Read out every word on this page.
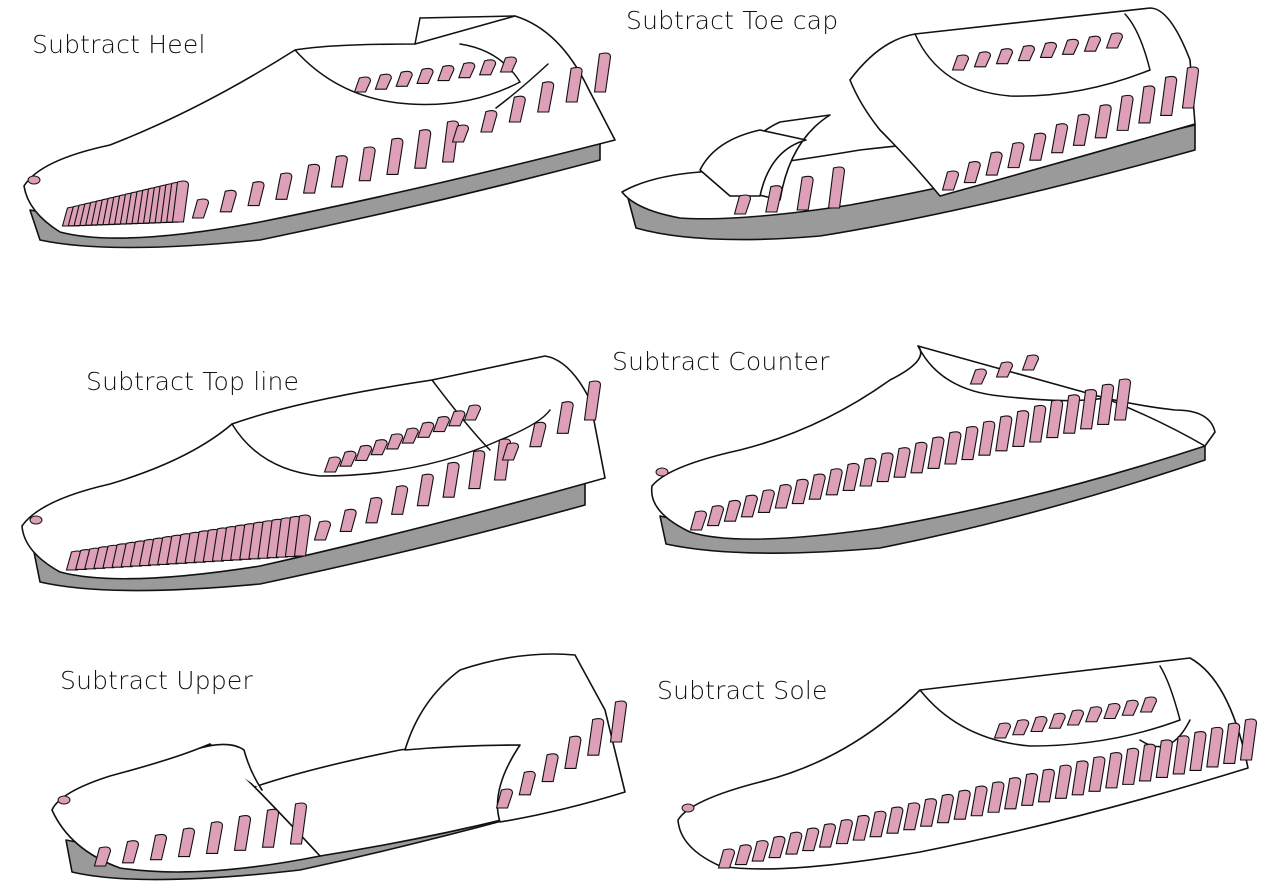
Subtract Heel
Subtract Toe cap
Subtract Top line
Subtract Counter
Subtract Upper	Subtract Sole
